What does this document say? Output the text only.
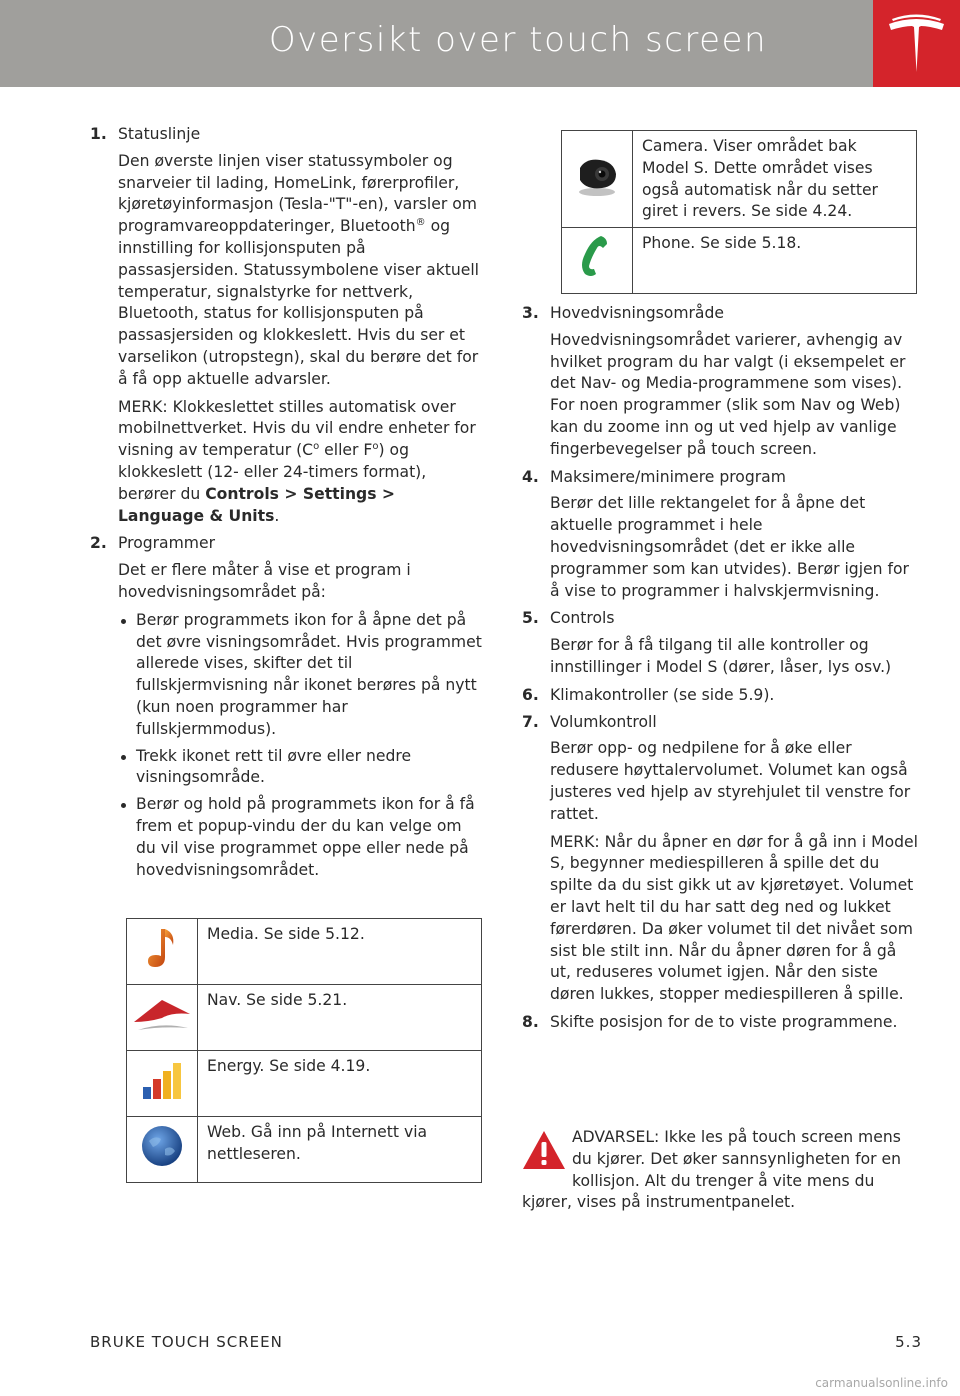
Oversikt over touch screen
1. Statuslinje
Den øverste linjen viser statussymboler og snarveier til lading, HomeLink, førerprofiler, kjøretøyinformasjon (Tesla-"T"-en), varsler om programvareoppdateringer, Bluetooth® og innstilling for kollisjonsputen på passasjersiden. Statussymbolene viser aktuell temperatur, signalstyrke for nettverk, Bluetooth, status for kollisjonsputen på passasjersiden og klokkeslett. Hvis du ser et varselikon (utropstegn), skal du berøre det for å få opp aktuelle advarsler.
MERK: Klokkeslettet stilles automatisk over mobilnettverket. Hvis du vil endre enheter for visning av temperatur ($C^o$ eller $F^o$) og klokkeslett (12- eller 24-timers format), berører du Controls > Settings > Language & Units.
2. Programmer
Det er flere måter å vise et program i hovedvisningsområdet på:
Berør programmets ikon for å åpne det på det øvre visningsområdet. Hvis programmet allerede vises, skifter det til fullskjermvisning når ikonet berøres på nytt (kun noen programmer har fullskjermmodus).
Trekk ikonet rett til øvre eller nedre visningsområde.
Berør og hold på programmets ikon for å få frem et popup-vindu der du kan velge om du vil vise programmet oppe eller nede på hovedvisningsområdet.
	Media. Se side 5.12.
	Nav. Se side 5.21.
	Energy. Se side 4.19.
	Web. Gå inn på Internett via nettleseren.
	Camera. Viser området bak Model S. Dette området vises også automatisk når du setter giret i revers. Se side 4.24.
	Phone. Se side 5.18.
3. Hovedvisningsområde
Hovedvisningsområdet varierer, avhengig av hvilket program du har valgt (i eksempelet er det Nav- og Media-programmene som vises). For noen programmer (slik som Nav og Web) kan du zoome inn og ut ved hjelp av vanlige fingerbevegelser på touch screen.
4. Maksimere/minimere program
Berør det lille rektangelet for å åpne det aktuelle programmet i hele hovedvisningsområdet (det er ikke alle programmer som kan utvides). Berør igjen for å vise to programmer i halvskjermvisning.
5. Controls
Berør for å få tilgang til alle kontroller og innstillinger i Model S (dører, låser, lys osv.)
6. Klimakontroller (se side 5.9).
7. Volumkontroll
Berør opp- og nedpilene for å øke eller redusere høyttalervolumet. Volumet kan også justeres ved hjelp av styrehjulet til venstre for rattet.
MERK: Når du åpner en dør for å gå inn i Model S, begynner mediespilleren å spille det du spilte da du sist gikk ut av kjøretøyet. Volumet er lavt helt til du har satt deg ned og lukket førerdøren. Da øker volumet til det nivået som sist ble stilt inn. Når du åpner døren for å gå ut, reduseres volumet igjen. Når den siste døren lukkes, stopper mediespilleren å spille.
8. Skifte posisjon for de to viste programmene.
ADVARSEL: Ikke les på touch screen mens du kjører. Det øker sannsynligheten for en kollisjon. Alt du trenger å vite mens du kjører, vises på instrumentpanelet.
BRUKE TOUCH SCREEN	5.3
carmanualsonline.info
